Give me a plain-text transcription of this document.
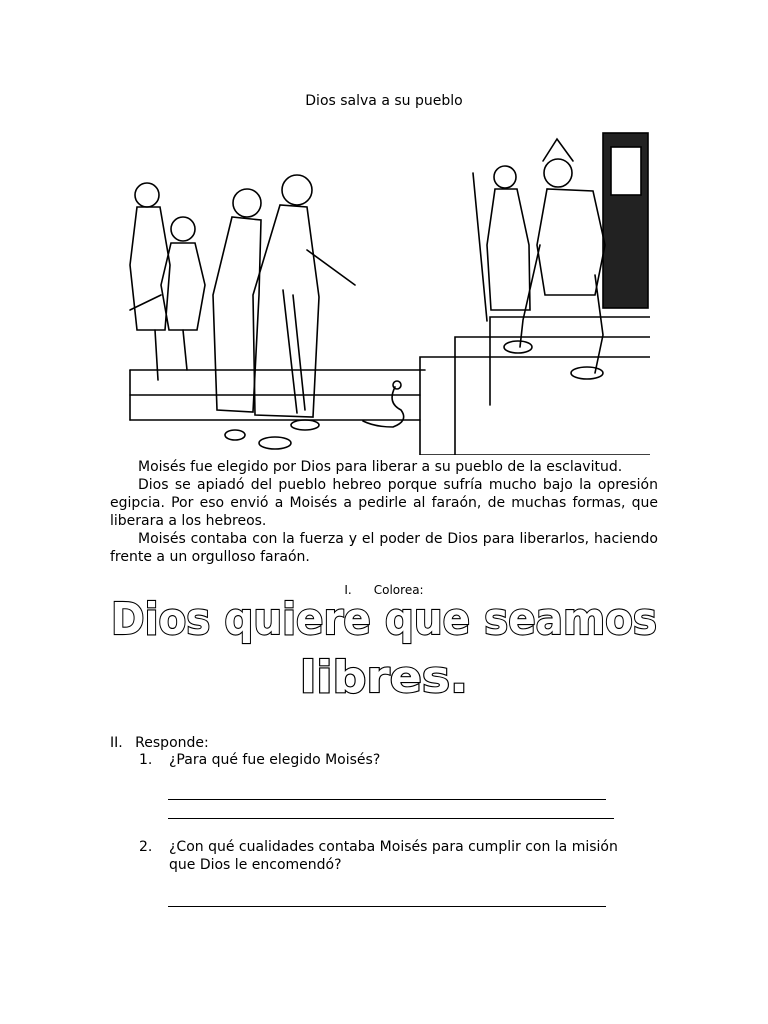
Dios salva a su pueblo

Moisés fue elegido por Dios para liberar a su pueblo de la esclavitud.

Dios se apiadó del pueblo hebreo porque sufría mucho bajo la opresión egipcia. Por eso envió a Moisés a pedirle al faraón, de muchas formas, que liberara a los hebreos.

Moisés contaba con la fuerza y el poder de Dios para liberarlos, haciendo frente a un orgulloso faraón.

I. Colorea:
Dios quiere que seamos
libres.
II. Responde:
1. ¿Para qué fue elegido Moisés?
2. ¿Con qué cualidades contaba Moisés para cumplir con la misión que Dios le encomendó?
